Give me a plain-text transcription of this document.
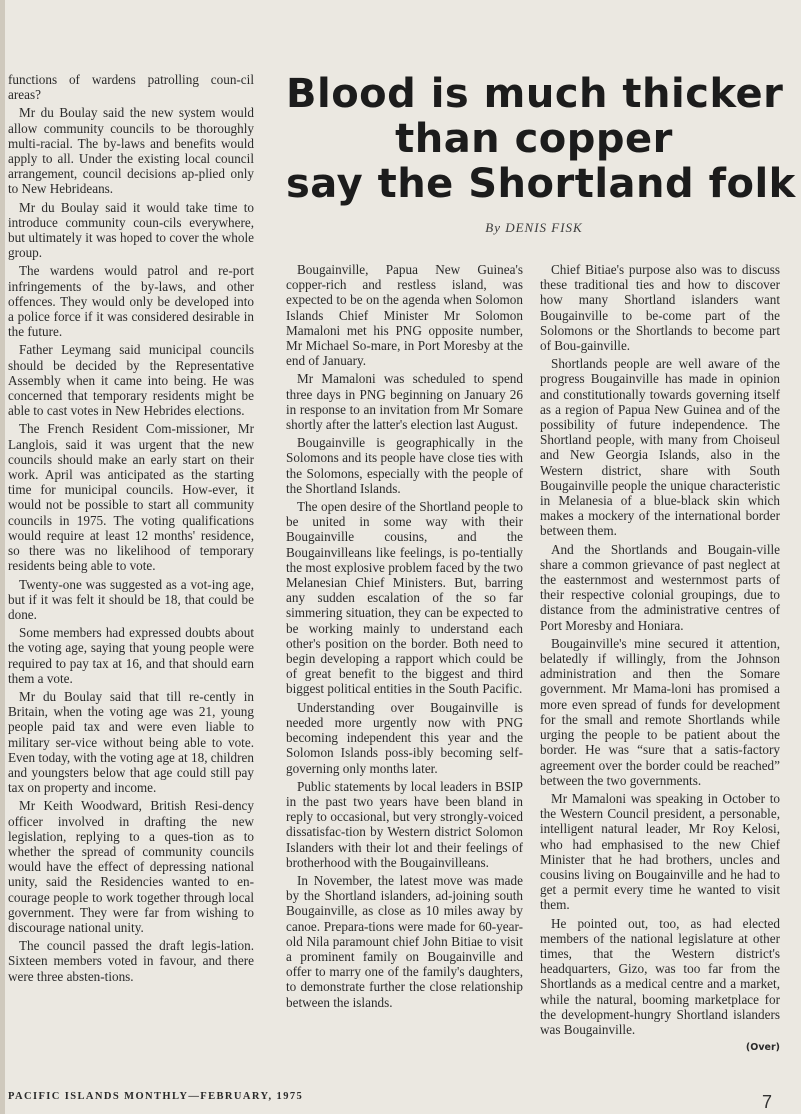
functions of wardens patrolling coun-cil areas?

Mr du Boulay said the new system would allow community councils to be thoroughly multi-racial. The by-laws and benefits would apply to all. Under the existing local council arrangement, council decisions ap-plied only to New Hebrideans.

Mr du Boulay said it would take time to introduce community coun-cils everywhere, but ultimately it was hoped to cover the whole group.

The wardens would patrol and re-port infringements of the by-laws, and other offences. They would only be developed into a police force if it was considered desirable in the future.

Father Leymang said municipal councils should be decided by the Representative Assembly when it came into being. He was concerned that temporary residents might be able to cast votes in New Hebrides elections.

The French Resident Com-missioner, Mr Langlois, said it was urgent that the new councils should make an early start on their work. April was anticipated as the starting time for municipal councils. How-ever, it would not be possible to start all community councils in 1975. The voting qualifications would require at least 12 months' residence, so there was no likelihood of temporary residents being able to vote.

Twenty-one was suggested as a vot-ing age, but if it was felt it should be 18, that could be done.

Some members had expressed doubts about the voting age, saying that young people were required to pay tax at 16, and that should earn them a vote.

Mr du Boulay said that till re-cently in Britain, when the voting age was 21, young people paid tax and were even liable to military ser-vice without being able to vote. Even today, with the voting age at 18, children and youngsters below that age could still pay tax on property and income.

Mr Keith Woodward, British Resi-dency officer involved in drafting the new legislation, replying to a ques-tion as to whether the spread of community councils would have the effect of depressing national unity, said the Residencies wanted to en-courage people to work together through local government. They were far from wishing to discourage national unity.

The council passed the draft legis-lation. Sixteen members voted in favour, and there were three absten-tions.

Blood is much thicker
than copper
say the Shortland folk
By DENIS FISK

Bougainville, Papua New Guinea's copper-rich and restless island, was expected to be on the agenda when Solomon Islands Chief Minister Mr Solomon Mamaloni met his PNG opposite number, Mr Michael So-mare, in Port Moresby at the end of January.

Mr Mamaloni was scheduled to spend three days in PNG beginning on January 26 in response to an invitation from Mr Somare shortly after the latter's election last August.

Bougainville is geographically in the Solomons and its people have close ties with the Solomons, especially with the people of the Shortland Islands.

The open desire of the Shortland people to be united in some way with their Bougainville cousins, and the Bougainvilleans like feelings, is po-tentially the most explosive problem faced by the two Melanesian Chief Ministers. But, barring any sudden escalation of the so far simmering situation, they can be expected to be working mainly to understand each other's position on the border. Both need to begin developing a rapport which could be of great benefit to the biggest and third biggest political entities in the South Pacific.

Understanding over Bougainville is needed more urgently now with PNG becoming independent this year and the Solomon Islands poss-ibly becoming self-governing only months later.

Public statements by local leaders in BSIP in the past two years have been bland in reply to occasional, but very strongly-voiced dissatisfac-tion by Western district Solomon Islanders with their lot and their feelings of brotherhood with the Bougainvilleans.

In November, the latest move was made by the Shortland islanders, ad-joining south Bougainville, as close as 10 miles away by canoe. Prepara-tions were made for 60-year-old Nila paramount chief John Bitiae to visit a prominent family on Bougainville and offer to marry one of the family's daughters, to demonstrate further the close relationship between the islands.

Chief Bitiae's purpose also was to discuss these traditional ties and how to discover how many Shortland islanders want Bougainville to be-come part of the Solomons or the Shortlands to become part of Bou-gainville.

Shortlands people are well aware of the progress Bougainville has made in opinion and constitutionally towards governing itself as a region of Papua New Guinea and of the possibility of future independence. The Shortland people, with many from Choiseul and New Georgia Islands, also in the Western district, share with South Bougainville people the unique characteristic in Melanesia of a blue-black skin which makes a mockery of the international border between them.

And the Shortlands and Bougain-ville share a common grievance of past neglect at the easternmost and westernmost parts of their respective colonial groupings, due to distance from the administrative centres of Port Moresby and Honiara.

Bougainville's mine secured it attention, belatedly if willingly, from the Johnson administration and then the Somare government. Mr Mama-loni has promised a more even spread of funds for development for the small and remote Shortlands while urging the people to be patient about the border. He was “sure that a satis-factory agreement over the border could be reached” between the two governments.

Mr Mamaloni was speaking in October to the Western Council president, a personable, intelligent natural leader, Mr Roy Kelosi, who had emphasised to the new Chief Minister that he had brothers, uncles and cousins living on Bougainville and he had to get a permit every time he wanted to visit them.

He pointed out, too, as had elected members of the national legislature at other times, that the Western district's headquarters, Gizo, was too far from the Shortlands as a medical centre and a market, while the natural, booming marketplace for the development-hungry Shortland islanders was Bougainville.

(Over)
PACIFIC ISLANDS MONTHLY—FEBRUARY, 1975	7
